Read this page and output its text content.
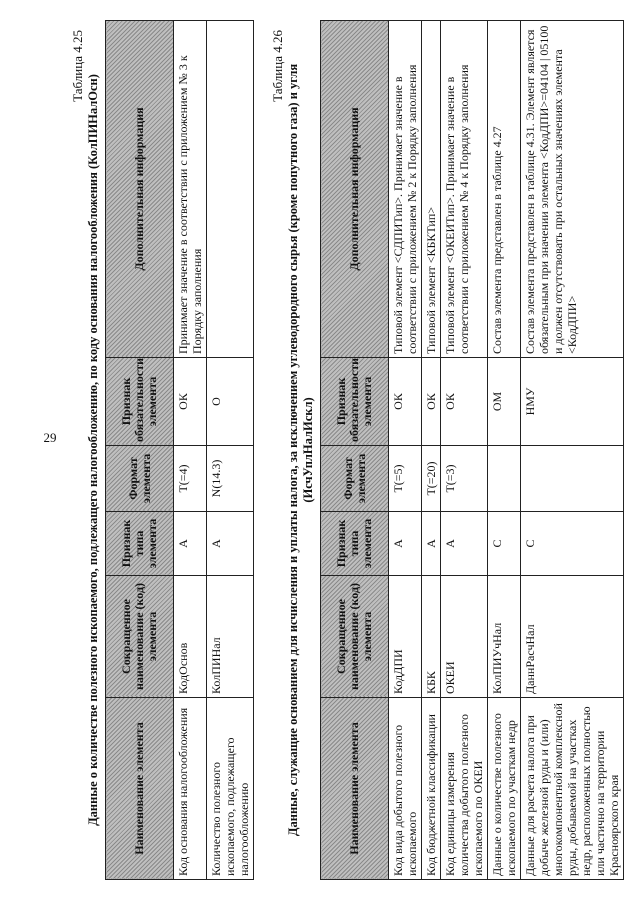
29
Таблица 4.25
Данные о количестве полезного ископаемого, подлежащего налогообложению, по коду основания налогообложения (КолПИНалОсн)	Наименование элемента	Сокращенное наименование (код) элемента	Признак типа элемента	Формат элемента	Признак обязательности элемента	Дополнительная информация
Код основания налогообложения	КодОснов	А	T(=4)	ОК	Принимает значение в соответствии с приложением № 3 к Порядку заполнения
Количество полезного ископаемого, подлежащего налогообложению	КолПИНал	А	N(14.3)	О	
Таблица 4.26 Данные, служащие основанием для исчисления и уплаты налога, за исключением углеводородного сырья (кроме попутного газа) и угля (ИсчУплНалИскл)
Наименование элемента	Сокращенное наименование (код) элемента	Признак типа элемента	Формат элемента	Признак обязательности элемента	Дополнительная информация
Код вида добытого полезного ископаемого	КодДПИ	А	T(=5)	ОК	Типовой элемент <СДПИТип>. Принимает значение в соответствии с приложением № 2 к Порядку заполнения
Код бюджетной классификации	КБК	А	T(=20)	ОК	Типовой элемент <КБКТип>
Код единицы измерения количества добытого полезного ископаемого по ОКЕИ	ОКЕИ	А	T(=3)	ОК	Типовой элемент <ОКЕИТип>. Принимает значение в соответствии с приложением № 4 к Порядку заполнения
Данные о количестве полезного ископаемого по участкам недр	КолПИУчНал	С		ОМ	Состав элемента представлен в таблице 4.27
Данные для расчета налога при добыче железной руды и (или) многокомпонентной комплексной руды, добываемой на участках недр, расположенных полностью или частично на территории Красноярского края	ДаннРасчНал	С		НМУ	Состав элемента представлен в таблице 4.31. Элемент является обязательным при значении элемента <КодДПИ>=04104 | 05100 и должен отсутствовать при остальных значениях элемента <КодДПИ>
